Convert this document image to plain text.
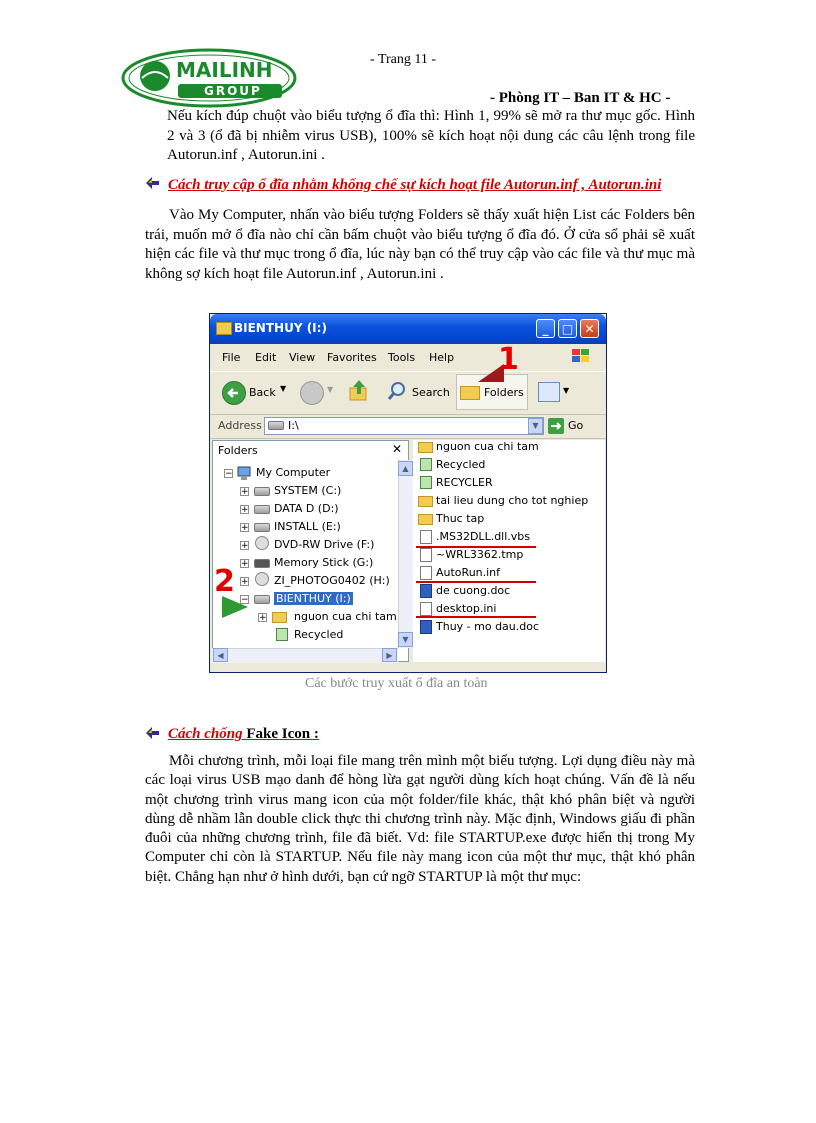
- Trang 11 -
MAILINH
GROUP	- Phòng IT – Ban IT & HC -
Nếu kích đúp chuột vào biểu tượng ổ đĩa thì: Hình 1, 99% sẽ mở ra thư mục gốc. Hình 2 và 3 (ổ đã bị nhiễm virus USB), 100% sẽ kích hoạt nội dung các câu lệnh trong file Autorun.inf , Autorun.ini .
Cách truy cập ổ đĩa nhằm khống chế sự kích hoạt file Autorun.inf , Autorun.ini
Vào My Computer, nhấn vào biểu tượng Folders sẽ thấy xuất hiện List các Folders bên trái, muốn mở ổ đĩa nào chỉ cần bấm chuột vào biểu tượng ổ đĩa đó. Ở cửa sổ phải sẽ xuất hiện các file và thư mục trong ổ đĩa, lúc này bạn có thể truy cập vào các file và thư mục mà không sợ kích hoạt file Autorun.inf , Autorun.ini .
BIENTHUY (I:)	_	□ ✕
File Edit View Favorites Tools Help
Back ▼	▼	Search	Folders	▼
Address I:\	▼	Go
Folders	✕
− My Computer
+ SYSTEM (C:)
+ DATA D (D:)
+ INSTALL (E:)
+ DVD-RW Drive (F:)
+ Memory Stick (G:)
+ ZI_PHOTOG0402 (H:)
− BIENTHUY (I:)
+ nguon cua chi tam
Recycled
▲
▼
◀	▶
nguon cua chi tam
Recycled
RECYCLER
tai lieu dung cho tot nghiep
Thuc tap
.MS32DLL.dll.vbs
~WRL3362.tmp
AutoRun.inf
de cuong.doc
desktop.ini
Thuy - mo dau.doc
1
2
Các bước truy xuất ổ đĩa an toàn
Cách chống Fake Icon :
Mỗi chương trình, mỗi loại file mang trên mình một biểu tượng. Lợi dụng điều này mà các loại virus USB mạo danh để hòng lừa gạt người dùng kích hoạt chúng. Vấn đề là nếu một chương trình virus mang icon của một folder/file khác, thật khó phân biệt và người dùng dễ nhầm lẫn double click thực thi chương trình này. Mặc định, Windows giấu đi phần đuôi của những chương trình, file đã biết. Vd: file STARTUP.exe được hiển thị trong My Computer chỉ còn là STARTUP. Nếu file này mang icon của một thư mục, thật khó phân biệt. Chẳng hạn như ở hình dưới, bạn cứ ngỡ STARTUP là một thư mục:
